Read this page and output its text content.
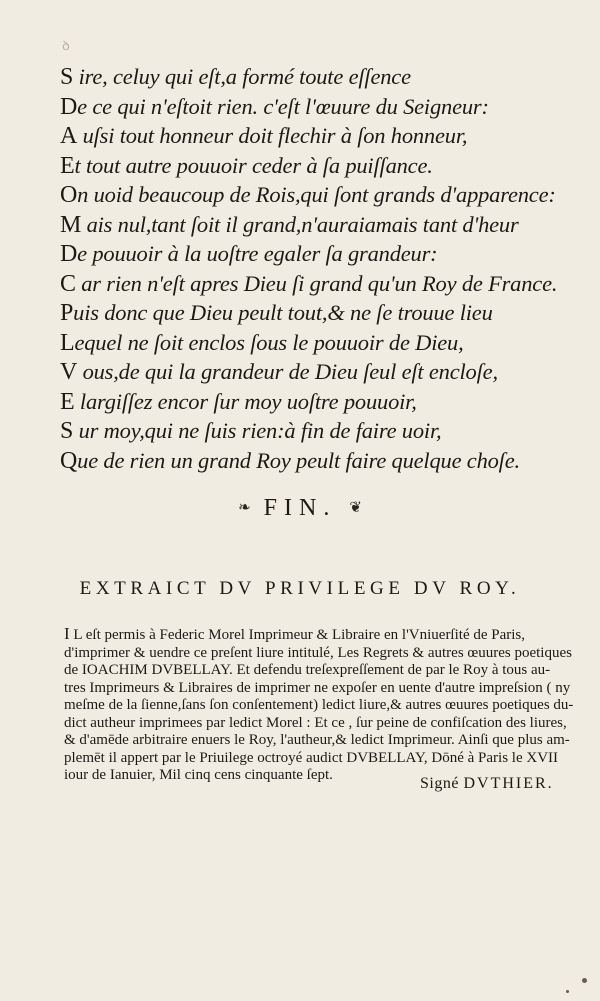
ꝺ
S ire, celuy qui eſt,a formé toute eſſence
De ce qui n'eſtoit rien. c'eſt l'œuure du Seigneur:
A uſsi tout honneur doit flechir à ſon honneur,
Et tout autre pouuoir ceder à ſa puiſſance.
On uoid beaucoup de Rois,qui ſont grands d'apparence:
M ais nul,tant ſoit il grand,n'auraiamais tant d'heur
De pouuoir à la uoſtre egaler ſa grandeur:
C ar rien n'eſt apres Dieu ſi grand qu'un Roy de France.
Puis donc que Dieu peult tout,& ne ſe trouue lieu
Lequel ne ſoit enclos ſous le pouuoir de Dieu,
V ous,de qui la grandeur de Dieu ſeul eſt encloſe,
E largiſſez encor ſur moy uoſtre pouuoir,
S ur moy,qui ne ſuis rien:à fin de faire uoir,
Que de rien un grand Roy peult faire quelque choſe.
❧ FIN. ❦
EXTRAICT DV PRIVILEGE DV ROY.
I L eſt permis à Federic Morel Imprimeur & Libraire en l'Vniuerſité de Paris,
d'imprimer & uendre ce preſent liure intitulé, Les Regrets & autres œuures poetiques
de IOACHIM DVBELLAY. Et defendu treſexpreſſement de par le Roy à tous au-
tres Imprimeurs & Libraires de imprimer ne expoſer en uente d'autre impreſsion ( ny
meſme de la ſienne,ſans ſon conſentement) ledict liure,& autres œuures poetiques du-
dict autheur imprimees par ledict Morel : Et ce , ſur peine de confiſcation des liures,
& d'amēde arbitraire enuers le Roy, l'autheur,& ledict Imprimeur. Ainſi que plus am-
plemēt il appert par le Priuilege octroyé audict DVBELLAY, Dōné à Paris le XVII
iour de Ianuier, Mil cinq cens cinquante ſept.	Signé DVTHIER.
